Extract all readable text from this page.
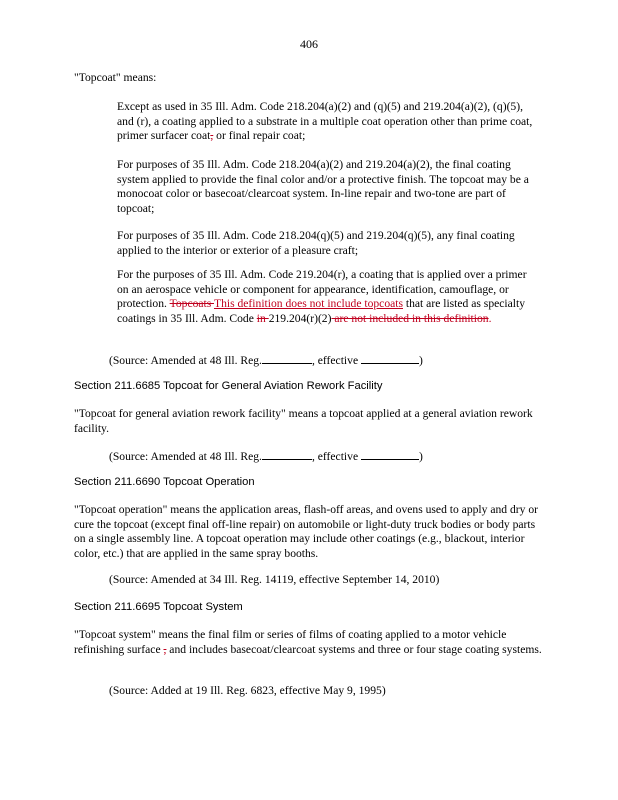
406
"Topcoat" means:
Except as used in 35 Ill. Adm. Code 218.204(a)(2) and (q)(5) and 219.204(a)(2), (q)(5), and (r), a coating applied to a substrate in a multiple coat operation other than prime coat, primer surfacer coat, or final repair coat;
For purposes of 35 Ill. Adm. Code 218.204(a)(2) and 219.204(a)(2), the final coating system applied to provide the final color and/or a protective finish. The topcoat may be a monocoat color or basecoat/clearcoat system. In-line repair and two-tone are part of topcoat;
For purposes of 35 Ill. Adm. Code 218.204(q)(5) and 219.204(q)(5), any final coating applied to the interior or exterior of a pleasure craft;
For the purposes of 35 Ill. Adm. Code 219.204(r), a coating that is applied over a primer on an aerospace vehicle or component for appearance, identification, camouflage, or protection. Topcoats This definition does not include topcoats that are listed as specialty coatings in 35 Ill. Adm. Code in 219.204(r)(2) are not included in this definition.
(Source: Amended at 48 Ill. Reg.	, effective	)
Section 211.6685 Topcoat for General Aviation Rework Facility
"Topcoat for general aviation rework facility" means a topcoat applied at a general aviation rework facility.
(Source: Amended at 48 Ill. Reg.	, effective	)
Section 211.6690 Topcoat Operation
"Topcoat operation" means the application areas, flash-off areas, and ovens used to apply and dry or cure the topcoat (except final off-line repair) on automobile or light-duty truck bodies or body parts on a single assembly line. A topcoat operation may include other coatings (e.g., blackout, interior color, etc.) that are applied in the same spray booths.
(Source: Amended at 34 Ill. Reg. 14119, effective September 14, 2010)
Section 211.6695 Topcoat System
"Topcoat system" means the final film or series of films of coating applied to a motor vehicle refinishing surface , and includes basecoat/clearcoat systems and three or four stage coating systems.
(Source: Added at 19 Ill. Reg. 6823, effective May 9, 1995)
